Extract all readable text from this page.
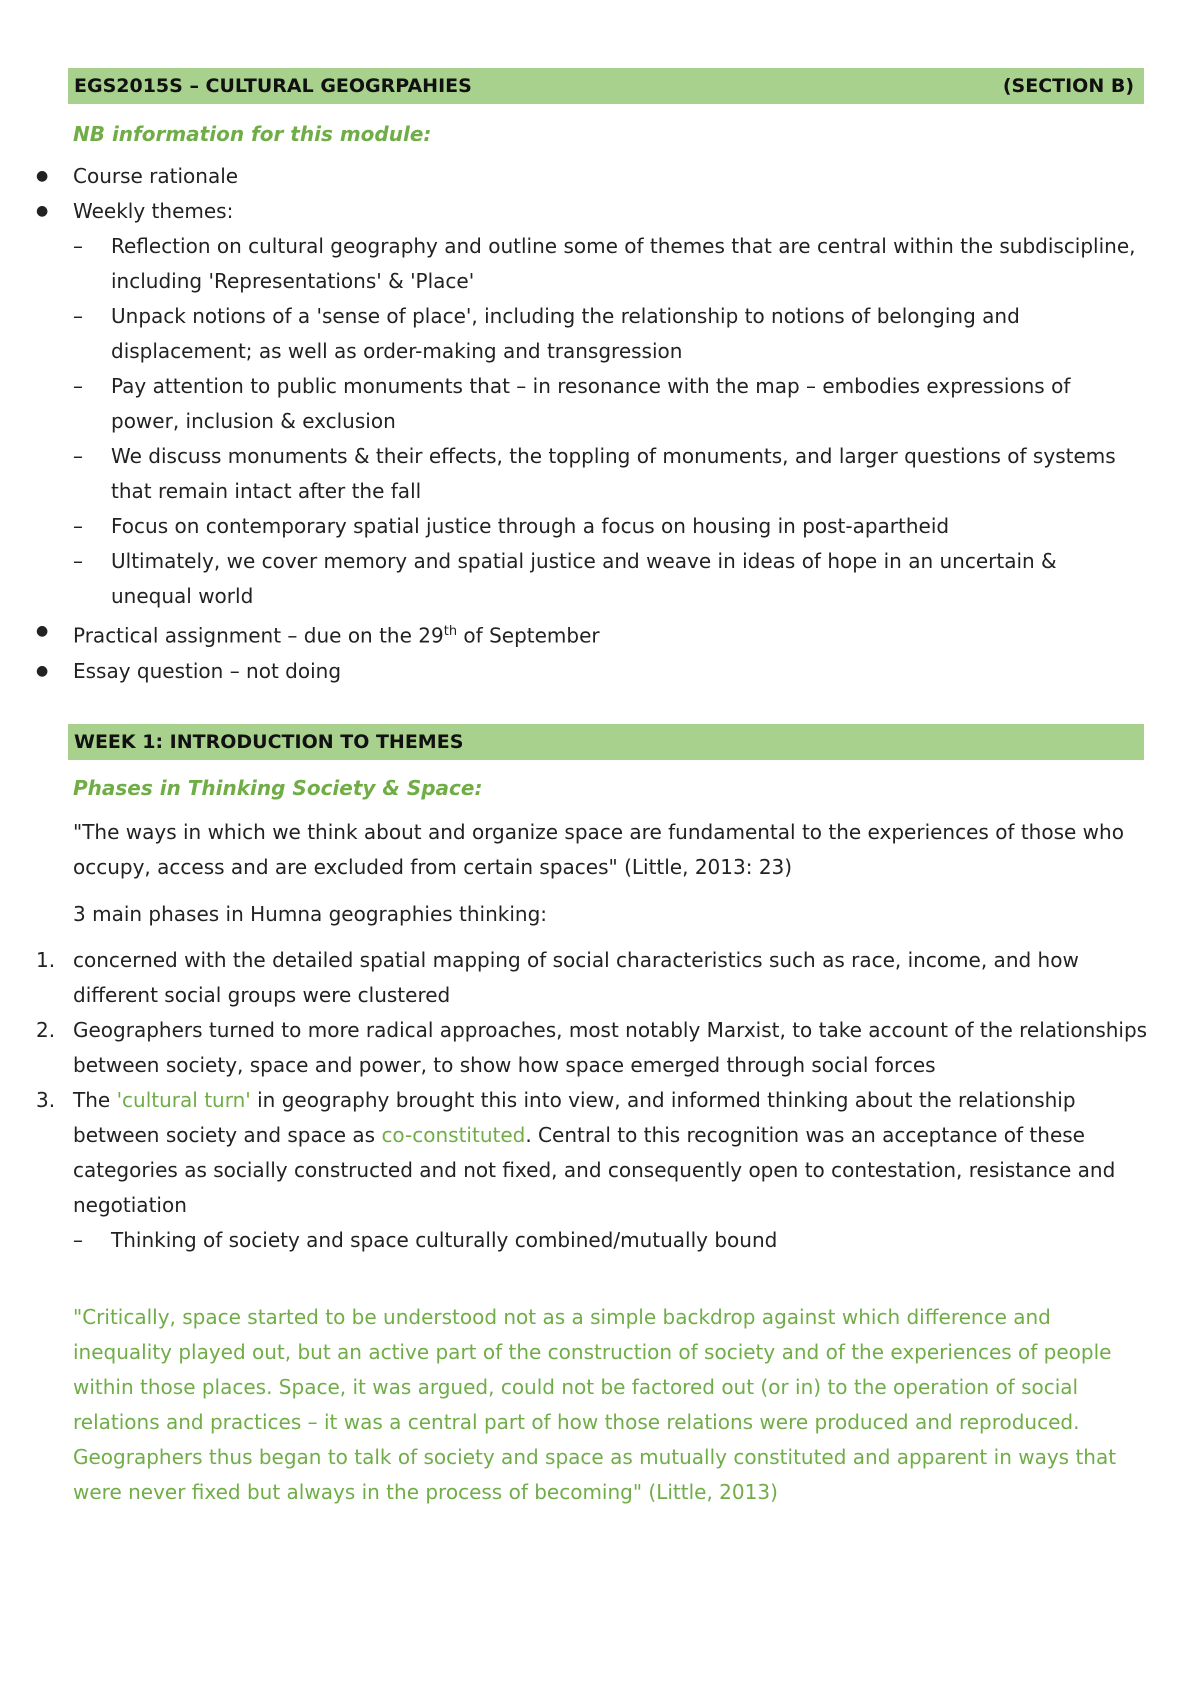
EGS2015S – CULTURAL GEOGRPAHIES	(SECTION B)
NB information for this module:
● Course rationale
● Weekly themes:
– Reflection on cultural geography and outline some of themes that are central within the subdiscipline, including 'Representations' & 'Place'
– Unpack notions of a 'sense of place', including the relationship to notions of belonging and displacement; as well as order-making and transgression
– Pay attention to public monuments that – in resonance with the map – embodies expressions of power, inclusion & exclusion
– We discuss monuments & their effects, the toppling of monuments, and larger questions of systems that remain intact after the fall
– Focus on contemporary spatial justice through a focus on housing in post-apartheid
– Ultimately, we cover memory and spatial justice and weave in ideas of hope in an uncertain & unequal world
● Practical assignment – due on the 29th of September
● Essay question – not doing
WEEK 1: INTRODUCTION TO THEMES
Phases in Thinking Society & Space:
"The ways in which we think about and organize space are fundamental to the experiences of those who occupy, access and are excluded from certain spaces" (Little, 2013: 23)
3 main phases in Humna geographies thinking:
1. concerned with the detailed spatial mapping of social characteristics such as race, income, and how different social groups were clustered
2. Geographers turned to more radical approaches, most notably Marxist, to take account of the relationships between society, space and power, to show how space emerged through social forces
3. The 'cultural turn' in geography brought this into view, and informed thinking about the relationship between society and space as co-constituted. Central to this recognition was an acceptance of these categories as socially constructed and not fixed, and consequently open to contestation, resistance and negotiation
– Thinking of society and space culturally combined/mutually bound
"Critically, space started to be understood not as a simple backdrop against which difference and inequality played out, but an active part of the construction of society and of the experiences of people within those places. Space, it was argued, could not be factored out (or in) to the operation of social relations and practices – it was a central part of how those relations were produced and reproduced. Geographers thus began to talk of society and space as mutually constituted and apparent in ways that were never fixed but always in the process of becoming" (Little, 2013)
